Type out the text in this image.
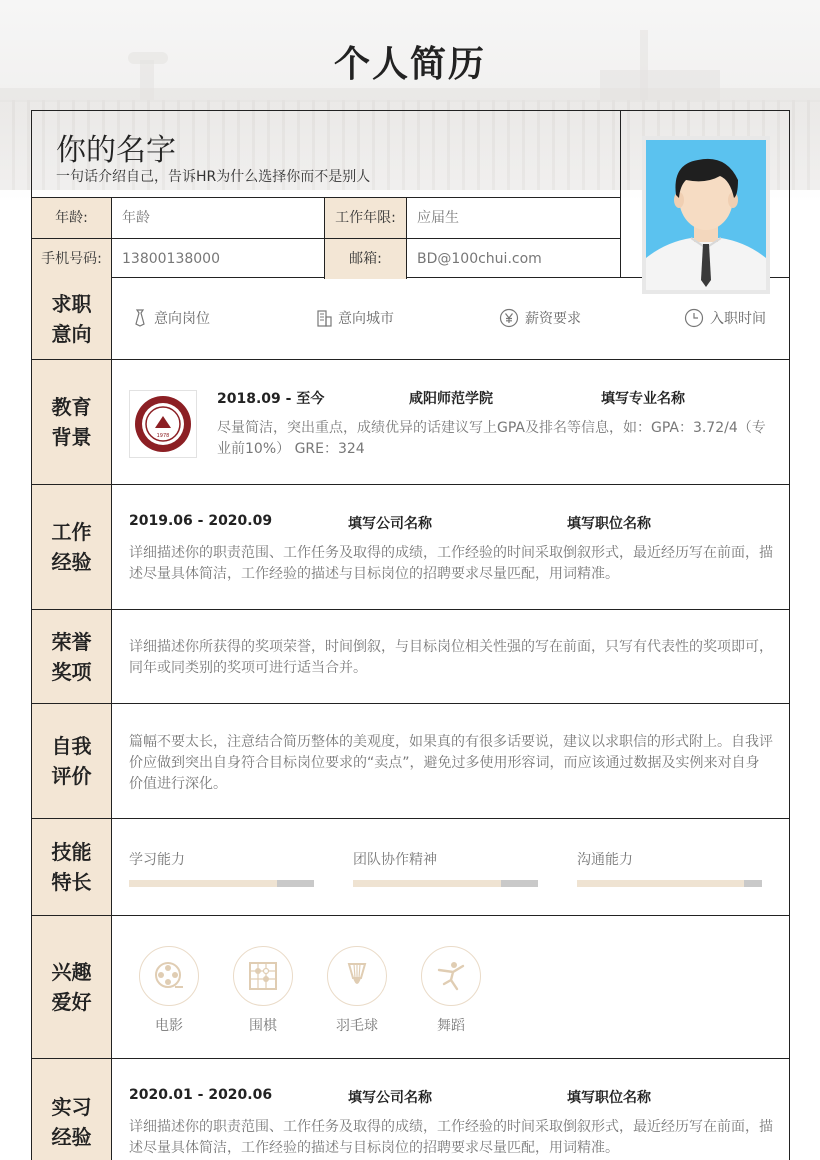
个人简历
你的名字
一句话介绍自己，告诉HR为什么选择你而不是别人
年龄:	年龄	工作年限:	应届生
手机号码:	13800138000	邮箱:	BD@100chui.com
求职意向
意向岗位	意向城市	薪资要求	入职时间
教育背景	1978
2018.09 - 至今	咸阳师范学院	填写专业名称
尽量简洁，突出重点，成绩优异的话建议写上GPA及排名等信息，如：GPA：3.72/4（专业前10%） GRE：324
工作经验
2019.06 - 2020.09	填写公司名称	填写职位名称
详细描述你的职责范围、工作任务及取得的成绩，工作经验的时间采取倒叙形式，最近经历写在前面，描述尽量具体简洁，工作经验的描述与目标岗位的招聘要求尽量匹配，用词精准。
荣誉奖项
详细描述你所获得的奖项荣誉，时间倒叙，与目标岗位相关性强的写在前面，只写有代表性的奖项即可，同年或同类别的奖项可进行适当合并。
自我评价
篇幅不要太长，注意结合简历整体的美观度，如果真的有很多话要说，建议以求职信的形式附上。自我评价应做到突出自身符合目标岗位要求的“卖点”，避免过多使用形容词，而应该通过数据及实例来对自身价值进行深化。
技能特长
学习能力	团队协作精神	沟通能力
兴趣爱好
电影	围棋	羽毛球	舞蹈
实习经验
2020.01 - 2020.06	填写公司名称	填写职位名称
详细描述你的职责范围、工作任务及取得的成绩，工作经验的时间采取倒叙形式，最近经历写在前面，描述尽量具体简洁，工作经验的描述与目标岗位的招聘要求尽量匹配，用词精准。
